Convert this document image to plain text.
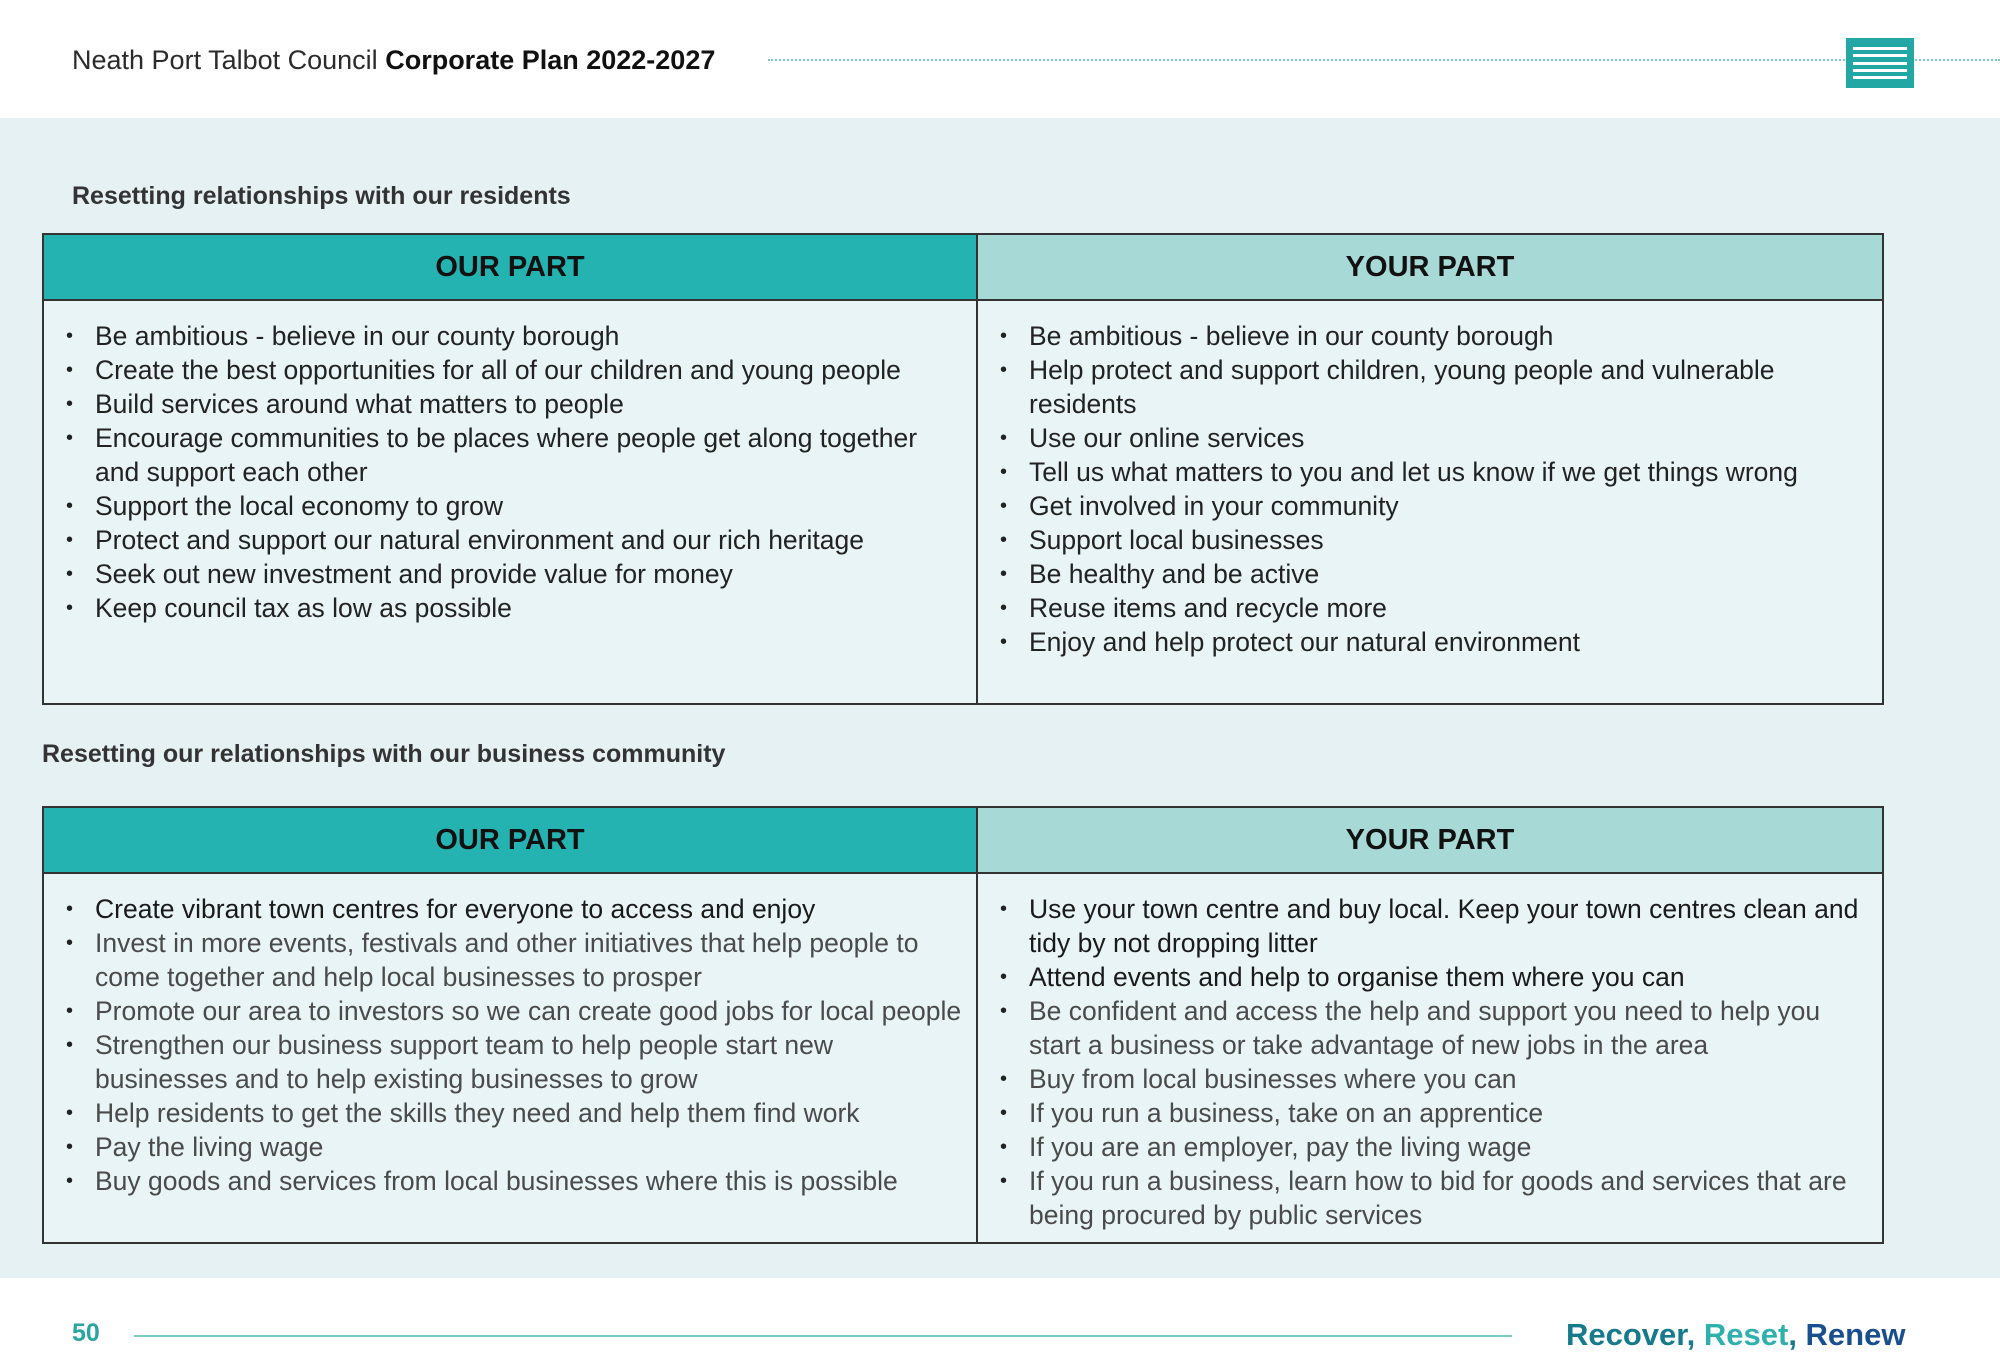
Neath Port Talbot Council Corporate Plan 2022-2027
Resetting relationships with our residents
OUR PART
• Be ambitious - believe in our county borough
• Create the best opportunities for all of our children and young people
• Build services around what matters to people
• Encourage communities to be places where people get along together and support each other
• Support the local economy to grow
• Protect and support our natural environment and our rich heritage
• Seek out new investment and provide value for money
• Keep council tax as low as possible
YOUR PART
• Be ambitious - believe in our county borough
• Help protect and support children, young people and vulnerable residents
• Use our online services
• Tell us what matters to you and let us know if we get things wrong
• Get involved in your community
• Support local businesses
• Be healthy and be active
• Reuse items and recycle more
• Enjoy and help protect our natural environment
Resetting our relationships with our business community
OUR PART
• Create vibrant town centres for everyone to access and enjoy
• Invest in more events, festivals and other initiatives that help people to come together and help local businesses to prosper
• Promote our area to investors so we can create good jobs for local people
• Strengthen our business support team to help people start new businesses and to help existing businesses to grow
• Help residents to get the skills they need and help them find work
• Pay the living wage
• Buy goods and services from local businesses where this is possible
YOUR PART
• Use your town centre and buy local. Keep your town centres clean and tidy by not dropping litter
• Attend events and help to organise them where you can
• Be confident and access the help and support you need to help you start a business or take advantage of new jobs in the area
• Buy from local businesses where you can
• If you run a business, take on an apprentice
• If you are an employer, pay the living wage
• If you run a business, learn how to bid for goods and services that are being procured by public services
50	Recover, Reset, Renew
